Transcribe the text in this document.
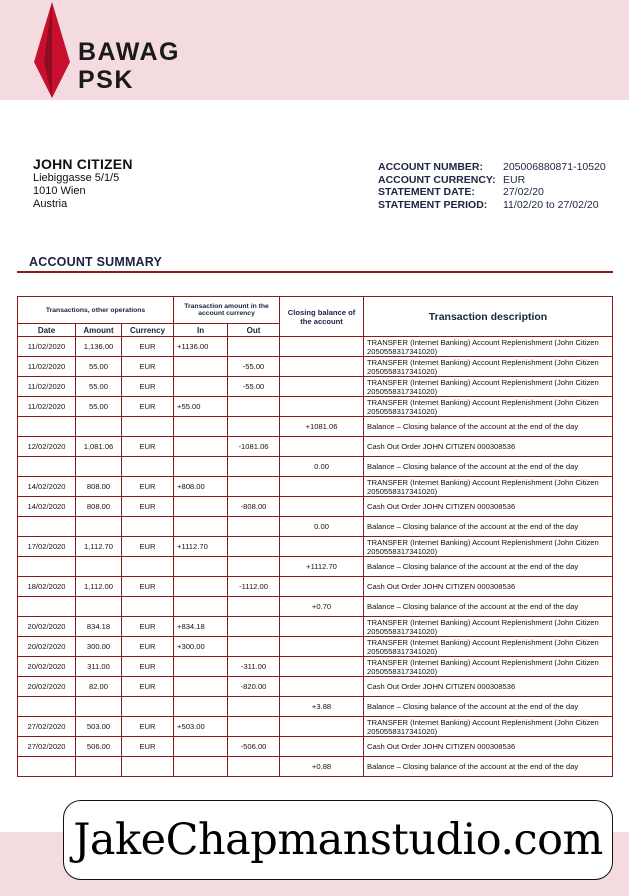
BAWAG
PSK
JOHN CITIZEN
Liebiggasse 5/1/5
1010 Wien
Austria
ACCOUNT NUMBER:	205006880871-10520
ACCOUNT CURRENCY: EUR
STATEMENT DATE:	27/02/20
STATEMENT PERIOD:	11/02/20 to 27/02/20
ACCOUNT SUMMARY
Transactions, other operations			Transaction amount in the account currency		Closing balance of the account	Transaction description
Date	Amount	Currency	In	Out		
11/02/2020	1,136.00	EUR	+1136.00			TRANSFER (Internet Banking) Account Replenishment (John Citizen 2050558317341020)
11/02/2020	55.00	EUR		-55.00		TRANSFER (Internet Banking) Account Replenishment (John Citizen 2050558317341020)
11/02/2020	55.00	EUR		-55.00		TRANSFER (Internet Banking) Account Replenishment (John Citizen 2050558317341020)
11/02/2020	55.00	EUR	+55.00			TRANSFER (Internet Banking) Account Replenishment (John Citizen 2050558317341020)
					+1081.06	Balance – Closing balance of the account at the end of the day
12/02/2020	1,081.06	EUR		-1081.06		Cash Out Order JOHN CITIZEN 000308536
					0.00	Balance – Closing balance of the account at the end of the day
14/02/2020	808.00	EUR	+808.00			TRANSFER (Internet Banking) Account Replenishment (John Citizen 2050558317341020)
14/02/2020	808.00	EUR		-808.00		Cash Out Order JOHN CITIZEN 000308536
					0.00	Balance – Closing balance of the account at the end of the day
17/02/2020	1,112.70	EUR	+1112.70			TRANSFER (Internet Banking) Account Replenishment (John Citizen 2050558317341020)
					+1112.70	Balance – Closing balance of the account at the end of the day
18/02/2020	1,112.00	EUR		-1112.00		Cash Out Order JOHN CITIZEN 000308536
					+0.70	Balance – Closing balance of the account at the end of the day
20/02/2020	834.18	EUR	+834.18			TRANSFER (Internet Banking) Account Replenishment (John Citizen 2050558317341020)
20/02/2020	300.00	EUR	+300.00			TRANSFER (Internet Banking) Account Replenishment (John Citizen 2050558317341020)
20/02/2020	311.00	EUR		-311.00		TRANSFER (Internet Banking) Account Replenishment (John Citizen 2050558317341020)
20/02/2020	82.00	EUR		-820.00		Cash Out Order JOHN CITIZEN 000308536
					+3.88	Balance – Closing balance of the account at the end of the day
27/02/2020	503.00	EUR	+503.00			TRANSFER (Internet Banking) Account Replenishment (John Citizen 2050558317341020)
27/02/2020	506.00	EUR		-506.00		Cash Out Order JOHN CITIZEN 000308536
					+0.88	Balance – Closing balance of the account at the end of the day
JakeChapmanstudio.com
